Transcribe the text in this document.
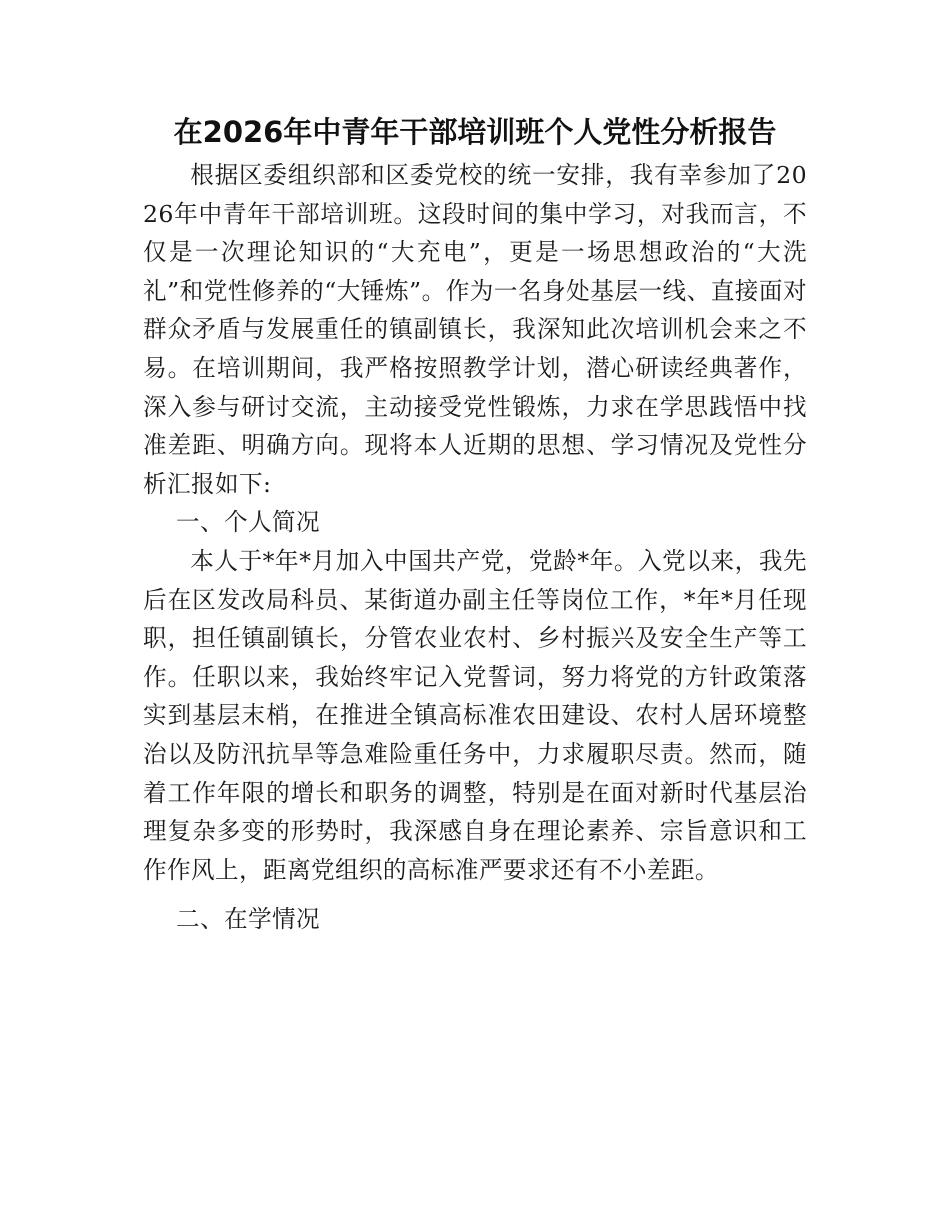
在2026年中青年干部培训班个人党性分析报告

根据区委组织部和区委党校的统一安排，我有幸参加了2026年中青年干部培训班。这段时间的集中学习，对我而言，不仅是一次理论知识的“大充电”，更是一场思想政治的“大洗礼”和党性修养的“大锤炼”。作为一名身处基层一线、直接面对群众矛盾与发展重任的镇副镇长，我深知此次培训机会来之不易。在培训期间，我严格按照教学计划，潜心研读经典著作，深入参与研讨交流，主动接受党性锻炼，力求在学思践悟中找准差距、明确方向。现将本人近期的思想、学习情况及党性分析汇报如下:

一、个人简况

本人于*年*月加入中国共产党，党龄*年。入党以来，我先后在区发改局科员、某街道办副主任等岗位工作，*年*月任现职，担任镇副镇长，分管农业农村、乡村振兴及安全生产等工作。任职以来，我始终牢记入党誓词，努力将党的方针政策落实到基层末梢，在推进全镇高标准农田建设、农村人居环境整治以及防汛抗旱等急难险重任务中，力求履职尽责。然而，随着工作年限的增长和职务的调整，特别是在面对新时代基层治理复杂多变的形势时，我深感自身在理论素养、宗旨意识和工作作风上，距离党组织的高标准严要求还有不小差距。

二、在学情况
